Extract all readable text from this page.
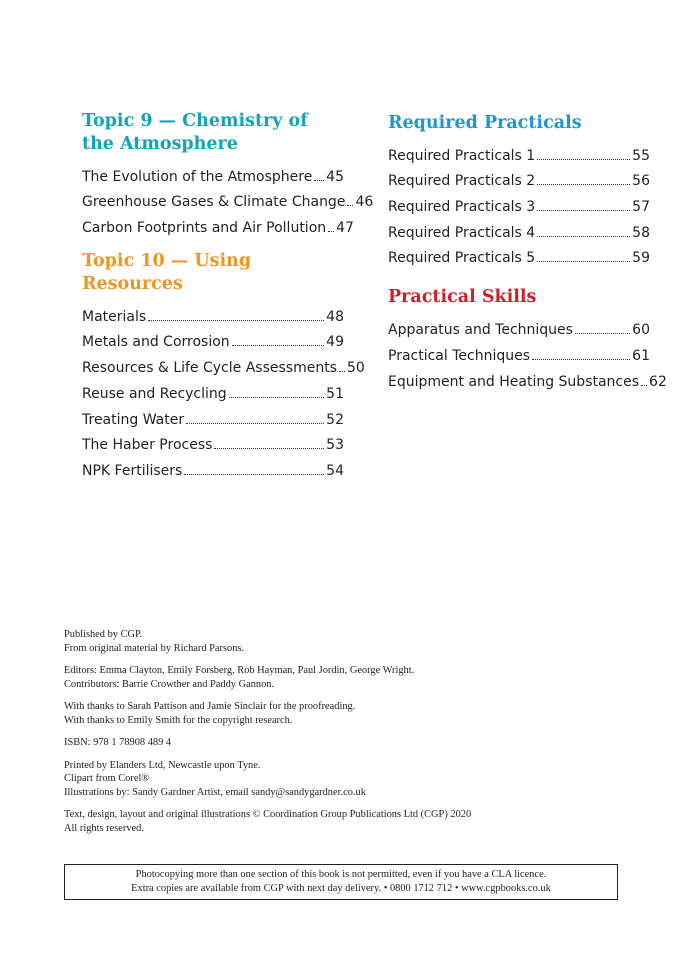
Topic 9 — Chemistry of
the Atmosphere
The Evolution of the Atmosphere 45
Greenhouse Gases & Climate Change 46
Carbon Footprints and Air Pollution 47
Topic 10 — Using Resources
Materials	48
Metals and Corrosion	49
Resources & Life Cycle Assessments 50
Reuse and Recycling	51
Treating Water	52
The Haber Process	53
NPK Fertilisers	54
Required Practicals
Required Practicals 1	55
Required Practicals 2	56
Required Practicals 3	57
Required Practicals 4	58
Required Practicals 5	59
Practical Skills
Apparatus and Techniques	60
Practical Techniques	61
Equipment and Heating Substances 62

Published by CGP.

From original material by Richard Parsons.

Editors: Emma Clayton, Emily Forsberg, Rob Hayman, Paul Jordin, George Wright.

Contributors: Barrie Crowther and Paddy Gannon.

With thanks to Sarah Pattison and Jamie Sinclair for the proofreading.

With thanks to Emily Smith for the copyright research.

ISBN: 978 1 78908 489 4

Printed by Elanders Ltd, Newcastle upon Tyne.

Clipart from Corel®

Illustrations by: Sandy Gardner Artist, email sandy@sandygardner.co.uk

Text, design, layout and original illustrations © Coordination Group Publications Ltd (CGP) 2020

All rights reserved.

Photocopying more than one section of this book is not permitted, even if you have a CLA licence.

Extra copies are available from CGP with next day delivery. • 0800 1712 712 • www.cgpbooks.co.uk
